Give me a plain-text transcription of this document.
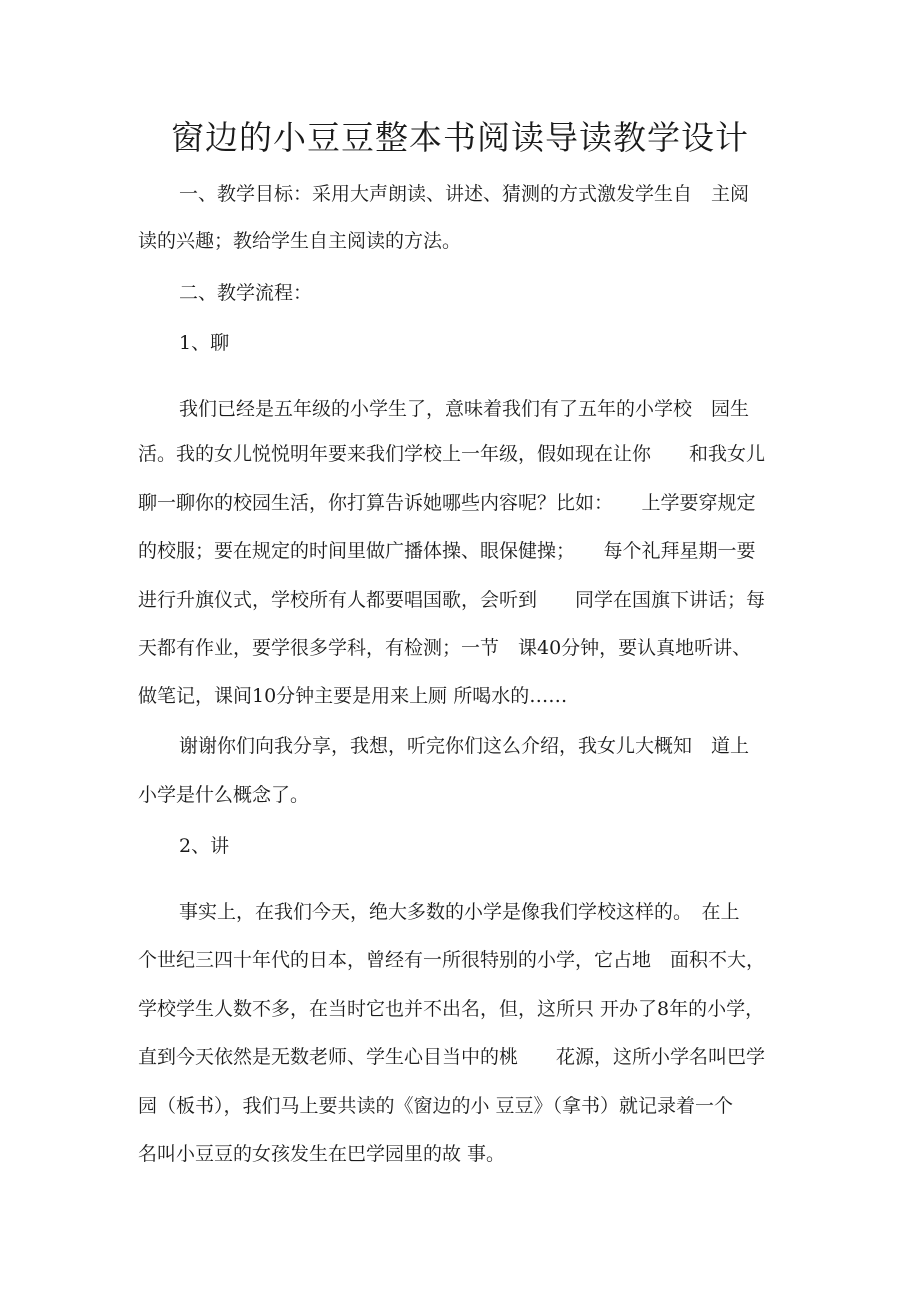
窗边的小豆豆整本书阅读导读教学设计
一、教学目标：采用大声朗读、讲述、猜测的方式激发学生自　主阅
读的兴趣；教给学生自主阅读的方法。
二、教学流程：
1、聊
我们已经是五年级的小学生了，意味着我们有了五年的小学校　园生
活。我的女儿悦悦明年要来我们学校上一年级，假如现在让你　　和我女儿
聊一聊你的校园生活，你打算告诉她哪些内容呢？比如：　　上学要穿规定
的校服；要在规定的时间里做广播体操、眼保健操；　　每个礼拜星期一要
进行升旗仪式，学校所有人都要唱国歌，会听到　　同学在国旗下讲话；每
天都有作业，要学很多学科，有检测；一节　课40分钟，要认真地听讲、
做笔记，课间10分钟主要是用来上厕 所喝水的……
谢谢你们向我分享，我想，听完你们这么介绍，我女儿大概知　道上
小学是什么概念了。
2、讲
事实上，在我们今天，绝大多数的小学是像我们学校这样的。　在上
个世纪三四十年代的日本，曾经有一所很特别的小学，它占地　面积不大，
学校学生人数不多，在当时它也并不出名，但，这所只 开办了8年的小学，
直到今天依然是无数老师、学生心目当中的桃　　花源，这所小学名叫巴学
园（板书），我们马上要共读的《窗边的小 豆豆》（拿书）就记录着一个
名叫小豆豆的女孩发生在巴学园里的故 事。
